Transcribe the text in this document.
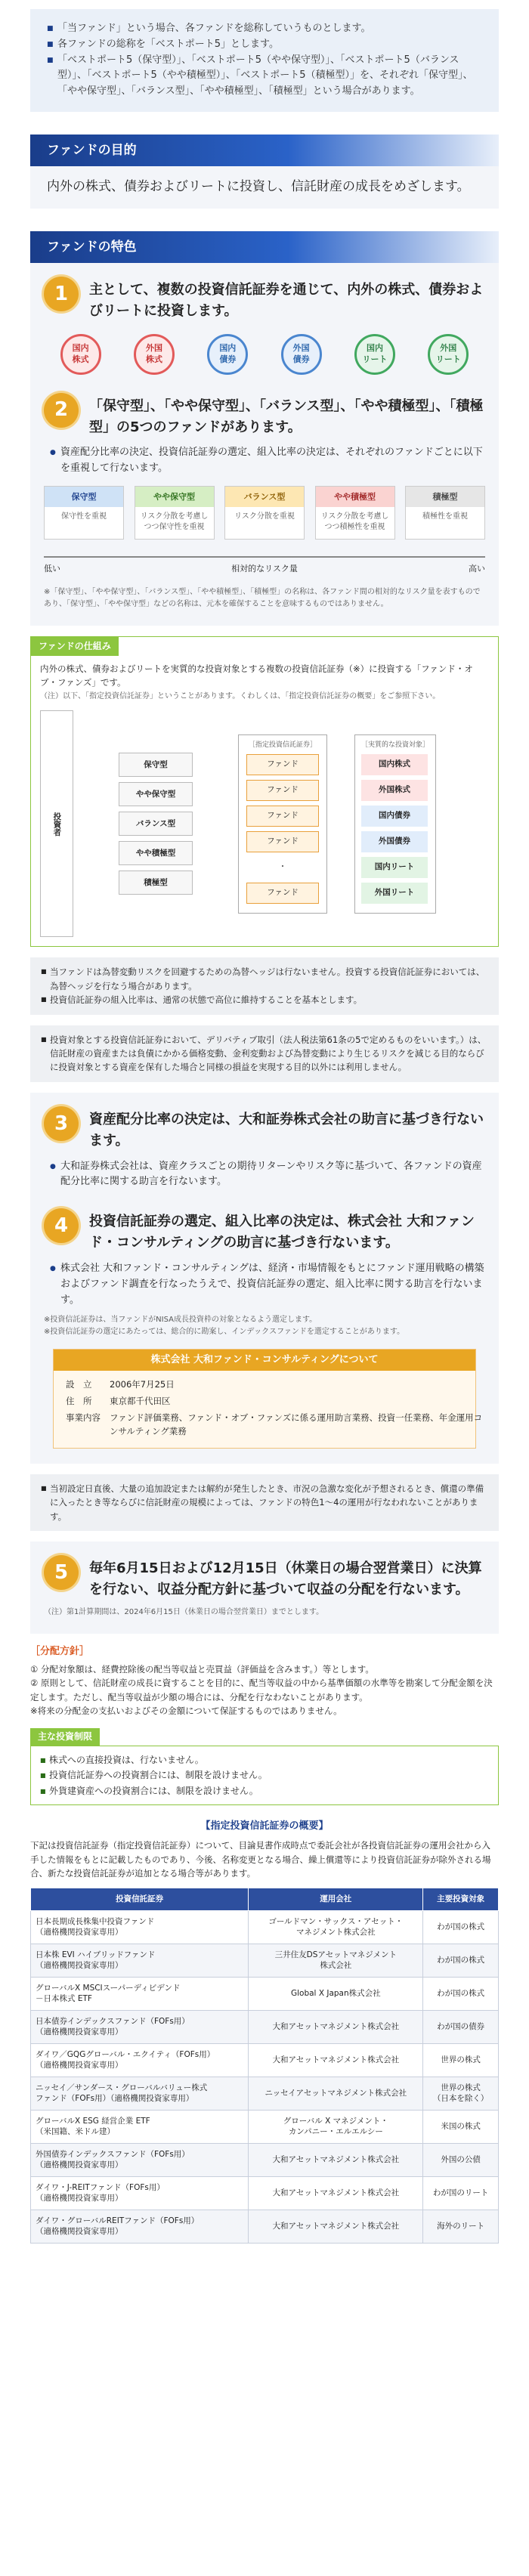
■ 「当ファンド」という場合、各ファンドを総称していうものとします。
■ 各ファンドの総称を「ベストポート5」とします。
■ 「ベストポート5（保守型）」、「ベストポート5（やや保守型）」、「ベストポート5（バランス型）」、「ベストポート5（やや積極型）」、「ベストポート5（積極型）」を、それぞれ「保守型」、「やや保守型」、「バランス型」、「やや積極型」、「積極型」という場合があります。
ファンドの目的

内外の株式、債券およびリートに投資し、信託財産の成長をめざします。

ファンドの特色
1	主として、複数の投資信託証券を通じて、内外の株式、債券およびリートに投資します。
国内
株式
外国
株式
国内
債券
外国
債券
国内
リート
外国
リート
2	「保守型」、「やや保守型」、「バランス型」、「やや積極型」、「積極型」の5つのファンドがあります。

● 資産配分比率の決定、投資信託証券の選定、組入比率の決定は、それぞれのファンドごとに以下を重視して行ないます。

保守型
保守性を重視
やや保守型
リスク分散を考慮しつつ保守性を重視
バランス型
リスク分散を重視
やや積極型
リスク分散を考慮しつつ積極性を重視
積極型
積極性を重視
低い	相対的なリスク量	高い

※「保守型」、「やや保守型」、「バランス型」、「やや積極型」、「積極型」の名称は、各ファンド間の相対的なリスク量を表すものであり、「保守型」、「やや保守型」などの名称は、元本を確保することを意味するものではありません。

ファンドの仕組み

内外の株式、債券およびリートを実質的な投資対象とする複数の投資信託証券（※）に投資する「ファンド・オブ・ファンズ」です。

（注）以下、「指定投資信託証券」ということがあります。くわしくは、「指定投資信託証券の概要」をご参照下さい。

投資者
保守型
やや保守型
バランス型
やや積極型
積極型
［指定投資信託証券］
ファンド
ファンド
ファンド
ファンド
・
ファンド
［実質的な投資対象］
国内株式
外国株式
国内債券
外国債券
国内リート
外国リート

■ 当ファンドは為替変動リスクを回避するための為替ヘッジは行ないません。投資する投資信託証券においては、為替ヘッジを行なう場合があります。

■ 投資信託証券の組入比率は、通常の状態で高位に維持することを基本とします。

■ 投資対象とする投資信託証券において、デリバティブ取引（法人税法第61条の5で定めるものをいいます。）は、信託財産の資産または負債にかかる価格変動、金利変動および為替変動により生じるリスクを減じる目的ならびに投資対象とする資産を保有した場合と同様の損益を実現する目的以外には利用しません。

3	資産配分比率の決定は、大和証券株式会社の助言に基づき行ないます。

● 大和証券株式会社は、資産クラスごとの期待リターンやリスク等に基づいて、各ファンドの資産配分比率に関する助言を行ないます。

4	投資信託証券の選定、組入比率の決定は、株式会社 大和ファンド・コンサルティングの助言に基づき行ないます。

● 株式会社 大和ファンド・コンサルティングは、経済・市場情報をもとにファンド運用戦略の構築およびファンド調査を行なったうえで、投資信託証券の選定、組入比率に関する助言を行ないます。

※投資信託証券は、当ファンドがNISA成長投資枠の対象となるよう選定します。

※投資信託証券の選定にあたっては、総合的に勘案し、インデックスファンドを選定することがあります。

株式会社 大和ファンド・コンサルティングについて
設　立	2006年7月25日
住　所	東京都千代田区
事業内容	ファンド評価業務、ファンド・オブ・ファンズに係る運用助言業務、投資一任業務、年金運用コンサルティング業務

■ 当初設定日直後、大量の追加設定または解約が発生したとき、市況の急激な変化が予想されるとき、償還の準備に入ったとき等ならびに信託財産の規模によっては、ファンドの特色1～4の運用が行なわれないことがあります。

5	毎年6月15日および12月15日（休業日の場合翌営業日）に決算を行ない、収益分配方針に基づいて収益の分配を行ないます。

（注）第1計算期間は、2024年6月15日（休業日の場合翌営業日）までとします。

［分配方針］

① 分配対象額は、経費控除後の配当等収益と売買益（評価益を含みます。）等とします。

② 原則として、信託財産の成長に資することを目的に、配当等収益の中から基準価額の水準等を勘案して分配金額を決定します。ただし、配当等収益が少額の場合には、分配を行なわないことがあります。

※将来の分配金の支払いおよびその金額について保証するものではありません。

主な投資制限

■ 株式への直接投資は、行ないません。

■ 投資信託証券への投資割合には、制限を設けません。

■ 外貨建資産への投資割合には、制限を設けません。

【指定投資信託証券の概要】

下記は投資信託証券（指定投資信託証券）について、目論見書作成時点で委託会社が各投資信託証券の運用会社から入手した情報をもとに記載したものであり、今後、名称変更となる場合、繰上償還等により投資信託証券が除外される場合、新たな投資信託証券が追加となる場合等があります。

投資信託証券	運用会社	主要投資対象
日本長期成長株集中投資ファンド
（適格機関投資家専用）	ゴールドマン・サックス・アセット・
マネジメント株式会社	わが国の株式
日本株 EVI ハイブリッドファンド
（適格機関投資家専用）	三井住友DSアセットマネジメント
株式会社	わが国の株式
グローバルX MSCIスーパーディビデンド
－日本株式 ETF	Global X Japan株式会社	わが国の株式
日本債券インデックスファンド（FOFs用）
（適格機関投資家専用）	大和アセットマネジメント株式会社	わが国の債券
ダイワ／GQGグローバル・エクイティ（FOFs用）
（適格機関投資家専用）	大和アセットマネジメント株式会社	世界の株式
ニッセイ／サンダース・グローバルバリュー株式
ファンド（FOFs用）（適格機関投資家専用）	ニッセイアセットマネジメント株式会社	世界の株式
（日本を除く）
グローバルX ESG 経営企業 ETF
（米国籍、米ドル建）	グローバル X マネジメント・
カンパニー・エルエルシー	米国の株式
外国債券インデックスファンド（FOFs用）
（適格機関投資家専用）	大和アセットマネジメント株式会社	外国の公債
ダイワ・J-REITファンド（FOFs用）
（適格機関投資家専用）	大和アセットマネジメント株式会社	わが国のリート
ダイワ・グローバルREITファンド（FOFs用）
（適格機関投資家専用）	大和アセットマネジメント株式会社	海外のリート
